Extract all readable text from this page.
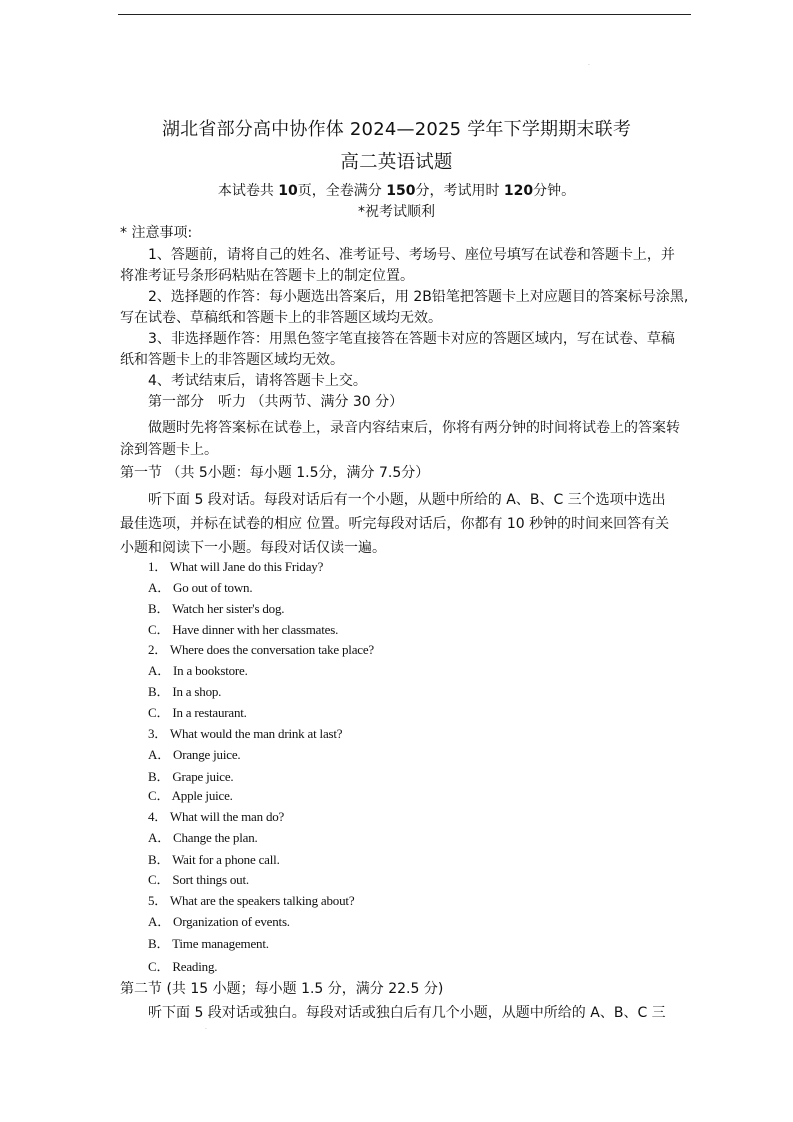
·
湖北省部分高中协作体 2024—2025 学年下学期期末联考
高二英语试题
本试卷共 10页，全卷满分 150分，考试用时 120分钟。
*祝考试顺利
* 注意事项:
1、答题前，请将自己的姓名、准考证号、考场号、座位号填写在试卷和答题卡上，并
将准考证号条形码粘贴在答题卡上的制定位置。
2、选择题的作答：每小题选出答案后，用 2B铅笔把答题卡上对应题目的答案标号涂黑,
写在试卷、草稿纸和答题卡上的非答题区域均无效。
3、非选择题作答：用黑色签字笔直接答在答题卡对应的答题区域内，写在试卷、草稿
纸和答题卡上的非答题区域均无效。
4、考试结束后，请将答题卡上交。
第一部分　听力 （共两节、满分 30 分）
做题时先将答案标在试卷上，录音内容结束后，你将有两分钟的时间将试卷上的答案转
涂到答题卡上。
第一节 （共 5小题：每小题 1.5分，满分 7.5分）
听下面 5 段对话。每段对话后有一个小题，从题中所给的 A、B、C 三个选项中选出
最佳选项，并标在试卷的相应 位置。听完每段对话后，你都有 10 秒钟的时间来回答有关
小题和阅读下一小题。每段对话仅读一遍。
1． What will Jane do this Friday?
A． Go out of town.
B． Watch her sister's dog.
C． Have dinner with her classmates.
2． Where does the conversation take place?
A． In a bookstore.
B． In a shop.
C． In a restaurant.
3． What would the man drink at last?
A． Orange juice.
B． Grape juice.
C． Apple juice.
4． What will the man do?
A． Change the plan.
B． Wait for a phone call.
C． Sort things out.
5． What are the speakers talking about?
A． Organization of events.
B． Time management.
C． Reading.
第二节 (共 15 小题；每小题 1.5 分，满分 22.5 分)
听下面 5 段对话或独白。每段对话或独白后有几个小题，从题中所给的 A、B、C 三
·
